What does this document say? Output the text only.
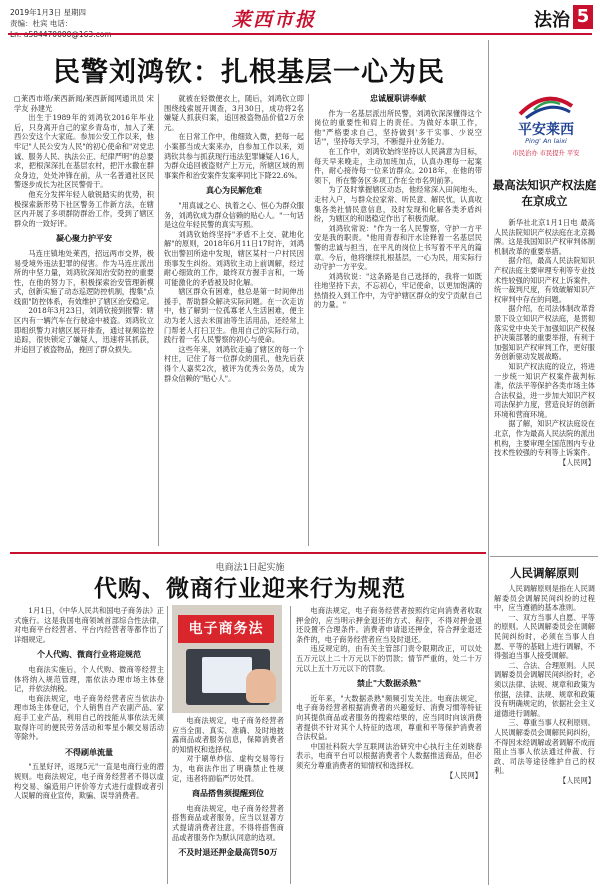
2019年1月3日 星期四
责编：杜宾 电话：
Ln: a584470000@163.com
莱西市报	法治 5
民警刘鸿钦：扎根基层一心为民
平安莱西
Ping' An laixi
市民治办 市民提升 平安
□莱西市塔/莱西新闻/莱西新闻网通讯员 宋学友 孙建光

出生于1989年的刘鸿钦2016年毕业后，只身离开自己的家乡青岛市，加入了莱西公安这个大家庭。参加公安工作以来，他牢记"人民公安为人民"的初心使命和"对党忠诚、服务人民、执法公正、纪律严明"的总要求，把根深深扎在基层农村，把汗水撒在群众身边，处处冲锋在前，从一名普通社区民警逐步成长为社区民警骨干。

他充分发挥年轻人敏锐踏实的优势，积极探索新形势下社区警务工作新方法，在辖区内开展了多项群防群治工作，受到了辖区群众的一致好评。

凝心聚力护平安

马连庄镇地处莱西，招远两市交界，极易受境外违法犯罪的侵害。作为马连庄派出所的中坚力量，刘鸿钦深知治安防控的重要性，在他的努力下，积极探索治安管理新模式，创新实施了动态巡逻防控机制，搜集"点线面"防控体系，有效维护了辖区治安稳定。

2018年3月23日，刘鸿钦接到报警：辖区内有一辆汽车在行驶途中被盗。刘鸿钦立即组织警力对辖区展开排查，通过视频监控追踪，很快锁定了嫌疑人，迅速将其抓获，并追回了被盗物品，挽回了群众损失。

就被在轻微便衣上，随后，刘鸿钦立即围绕线索展开调查，3月30日，成功将2名嫌疑人抓获归案，追回被盗物品价值2万余元。

在日常工作中，他细致入微，把每一起小案都当成大案来办，自参加工作以来，刘鸿钦共参与抓获现行违法犯罪嫌疑人16人，为群众追回被盗财产上万元，所辖区域的刑事案件和治安案件发案率同比下降22.6%。

真心为民解危难

"用真诚之心、执着之心、恒心为群众服务，刘鸿钦成为群众信赖的贴心人。"一句话是这位年轻民警的真实写照。

刘鸿钦始终坚持"矛盾不上交、就地化解"的原则，2018年6月11日17时许，刘鸿钦出警回所途中发现，辖区某村一户村民因琐事发生纠纷。刘鸿钦主动上前调解，经过耐心细致的工作，最终双方握手言和，一场可能激化的矛盾被及时化解。

辖区群众有困难，他总是第一时间伸出援手，帮助群众解决实际问题。在一次走访中，他了解到一位孤寡老人生活困难，便主动为老人送去米面油等生活用品，还经常上门帮老人打扫卫生。他用自己的实际行动，践行着一名人民警察的初心与使命。

这些年来，刘鸿钦走遍了辖区的每一个村庄，记住了每一位群众的面孔，他先后获得个人嘉奖2次，被评为优秀公务员，成为群众信赖的"贴心人"。

忠诚履职讲奉献

作为一名基层派出所民警，刘鸿钦深深懂得这个岗位的重要性和肩上的责任。为做好本职工作，他"严格要求自己，坚持做到'多干实事、少说空话'"，坚持每天学习，不断提升业务能力。

在工作中，刘鸿钦始终坚持以人民满意为目标，每天早来晚走，主动加班加点，认真办理每一起案件，耐心接待每一位来访群众。2018年，在他的带领下，所在警务区多项工作在全市名列前茅。

为了及时掌握辖区动态，他经常深入田间地头、走村入户，与群众拉家常、听民意、解民忧，认真收集各类社情民意信息，及时发现和化解各类矛盾纠纷，为辖区的和谐稳定作出了积极贡献。

刘鸿钦常说："作为一名人民警察，守护一方平安是我的职责。"他用青春和汗水诠释着一名基层民警的忠诚与担当，在平凡的岗位上书写着不平凡的篇章。今后，他将继续扎根基层，一心为民，用实际行动守护一方平安。

刘鸿钦说："这条路是自己选择的，我将一如既往地坚持下去，不忘初心，牢记使命，以更加饱满的热情投入到工作中，为守护辖区群众的安宁贡献自己的力量。"

最高法知识产权法庭在京成立

新华社北京1月1日电 最高人民法院知识产权法庭在北京揭牌。这是我国知识产权审判体制机制改革的重要举措。

据介绍，最高人民法院知识产权法庭主要审理专利等专业技术性较强的知识产权上诉案件，统一裁判尺度，有效破解知识产权审判中存在的问题。

据介绍，在司法体制改革背景下设立知识产权法庭，是贯彻落实党中央关于加强知识产权保护决策部署的重要举措，有利于加强知识产权审判工作，更好服务创新驱动发展战略。

知识产权法庭的设立，将进一步统一知识产权案件裁判标准，依法平等保护各类市场主体合法权益，进一步加大知识产权司法保护力度，营造良好的创新环境和营商环境。

据了解，知识产权法庭设在北京，作为最高人民法院的派出机构，主要审理全国范围内专业技术性较强的专利等上诉案件。

【人民网】
人民调解原则

人民调解原则是指在人民调解委员会调解民间纠纷的过程中，应当遵循的基本准则。

一、双方当事人自愿、平等的原则。人民调解委员会在调解民间纠纷时，必须在当事人自愿、平等的基础上进行调解，不得强迫当事人接受调解。

二、合法、合理原则。人民调解委员会调解民间纠纷时，必须以法律、法规、规章和政策为依据，法律、法规、规章和政策没有明确规定的，依据社会主义道德进行调解。

三、尊重当事人权利原则。人民调解委员会调解民间纠纷，不得因未经调解或者调解不成而阻止当事人依法通过仲裁、行政、司法等途径维护自己的权利。

【人民网】
电商法1日起实施
代购、微商行业迎来行为规范

1月1日，《中华人民共和国电子商务法》正式施行。这是我国电商领域首部综合性法律，对电商平台经营者、平台内经营者等都作出了详细规定。

个人代购、微商行业将迎规范

电商法实施后，个人代购、微商等经营主体将纳入规范管理，需依法办理市场主体登记，并依法纳税。

电商法规定，电子商务经营者应当依法办理市场主体登记，个人销售自产农副产品、家庭手工业产品，利用自己的技能从事依法无须取得许可的便民劳务活动和零星小额交易活动等除外。

不得刷单流量

"五星好评，返现5元"一直是电商行业的潜规则。电商法规定，电子商务经营者不得以虚构交易、编造用户评价等方式进行虚假或者引人误解的商业宣传，欺骗、误导消费者。

电子商务法

电商法规定，电子商务经营者应当全面、真实、准确、及时地披露商品或者服务信息，保障消费者的知情权和选择权。

对于刷单炒信、虚构交易等行为，电商法作出了明确禁止性规定，违者将面临严厉处罚。

商品搭售须提醒到位

电商法规定，电子商务经营者搭售商品或者服务，应当以显著方式提请消费者注意，不得将搭售商品或者服务作为默认同意的选项。

不及时退还押金最高罚50万

电商法规定，电子商务经营者按照约定向消费者收取押金的，应当明示押金退还的方式、程序，不得对押金退还设置不合理条件。消费者申请退还押金，符合押金退还条件的，电子商务经营者应当及时退还。

违反规定的，由有关主管部门责令限期改正，可以处五万元以上二十万元以下的罚款；情节严重的，处二十万元以上五十万元以下的罚款。

禁止"大数据杀熟"

近年来，"大数据杀熟"频频引发关注。电商法规定，电子商务经营者根据消费者的兴趣爱好、消费习惯等特征向其提供商品或者服务的搜索结果的，应当同时向该消费者提供不针对其个人特征的选项，尊重和平等保护消费者合法权益。

中国社科院大学互联网法治研究中心执行主任刘晓春表示，电商平台可以根据消费者个人数据推送商品，但必须充分尊重消费者的知情权和选择权。

【人民网】
